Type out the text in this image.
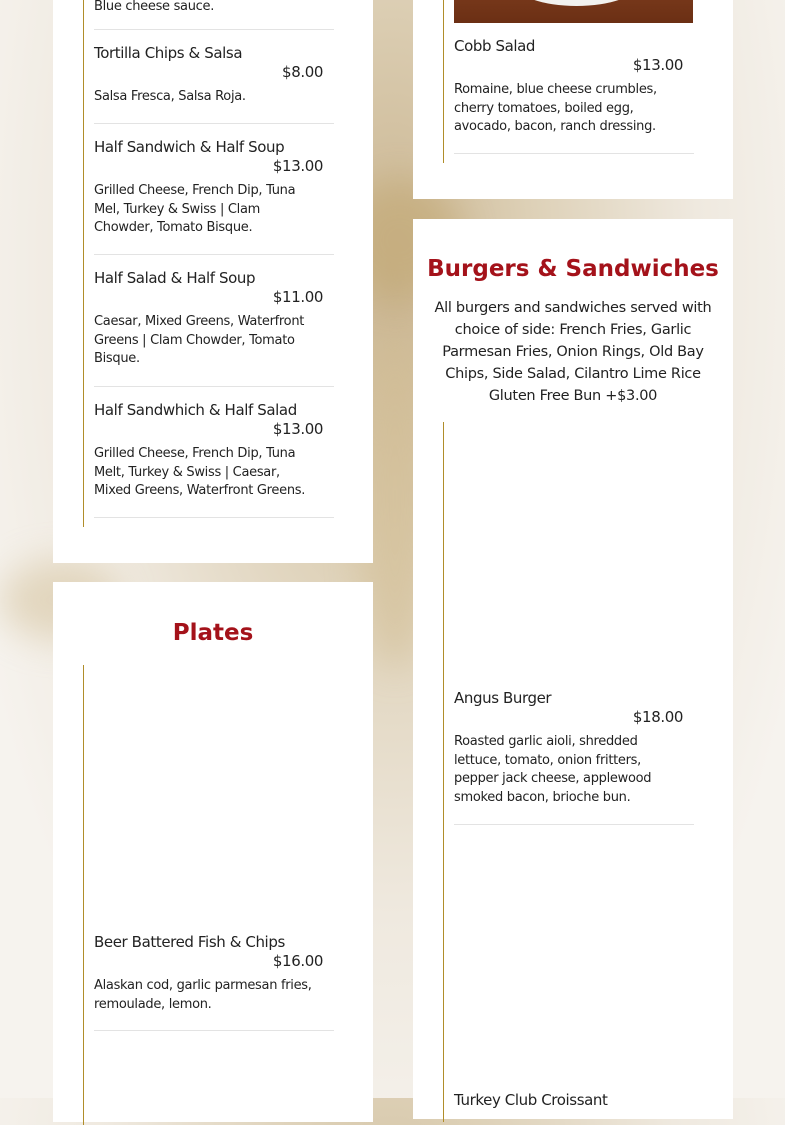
Blue cheese sauce.
Tortilla Chips & Salsa
$8.00
Salsa Fresca, Salsa Roja.
Half Sandwich & Half Soup
$13.00
Grilled Cheese, French Dip, Tuna Mel, Turkey & Swiss | Clam Chowder, Tomato Bisque.
Half Salad & Half Soup
$11.00
Caesar, Mixed Greens, Waterfront Greens | Clam Chowder, Tomato Bisque.
Half Sandwhich & Half Salad
$13.00
Grilled Cheese, French Dip, Tuna Melt, Turkey & Swiss | Caesar, Mixed Greens, Waterfront Greens.
Plates
Beer Battered Fish & Chips
$16.00
Alaskan cod, garlic parmesan fries, remoulade, lemon.
Cobb Salad
$13.00
Romaine, blue cheese crumbles, cherry tomatoes, boiled egg, avocado, bacon, ranch dressing.
Burgers & Sandwiches
All burgers and sandwiches served with choice of side: French Fries, Garlic Parmesan Fries, Onion Rings, Old Bay Chips, Side Salad, Cilantro Lime Rice Gluten Free Bun +$3.00
Angus Burger
$18.00
Roasted garlic aioli, shredded lettuce, tomato, onion fritters, pepper jack cheese, applewood smoked bacon, brioche bun.
Turkey Club Croissant
